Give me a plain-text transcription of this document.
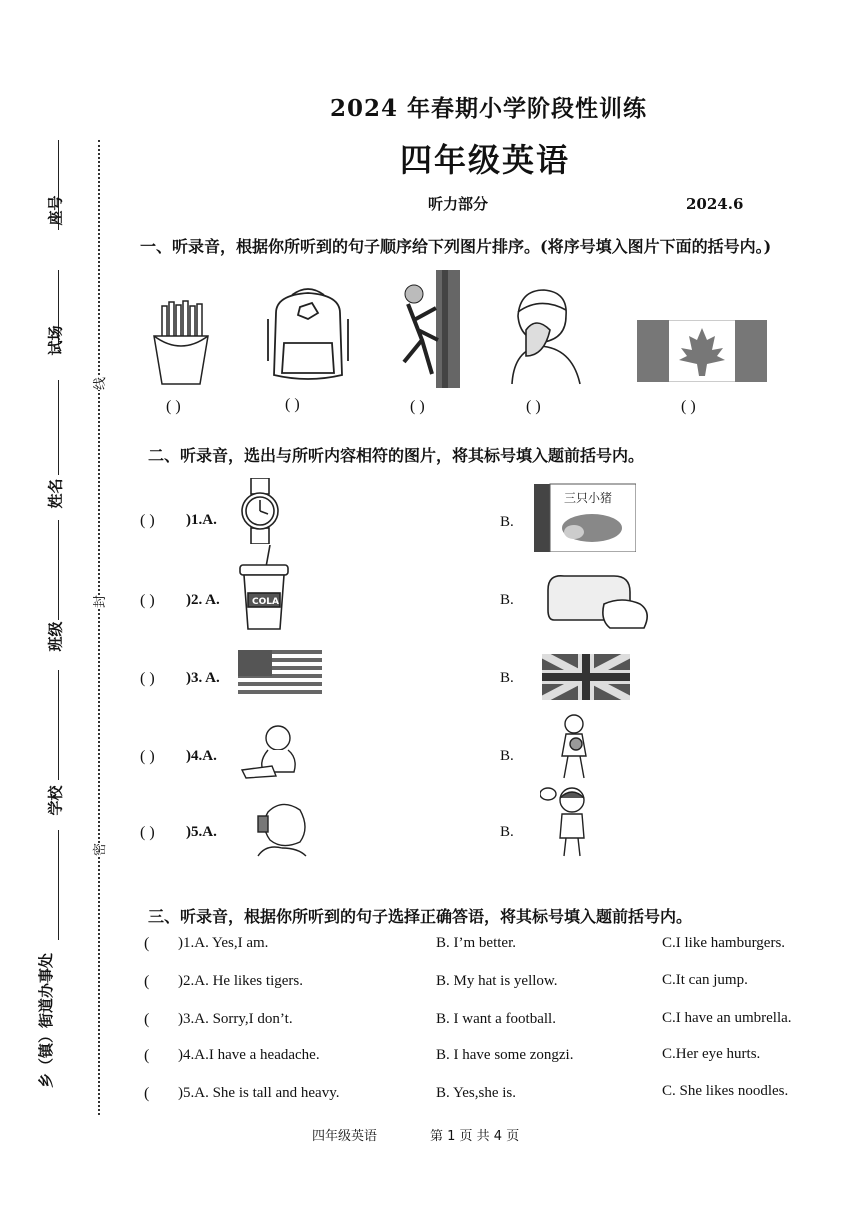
座号
试场
姓名
班级
学校
乡（镇）街道办事处
线
封
密
2024 年春期小学阶段性训练
四年级英语
听力部分	2024.6
一、听录音，根据你所听到的句子顺序给下列图片排序。(将序号填入图片下面的括号内。)
( )	( )	( )	( )	( )
二、听录音，选出与所听内容相符的图片，将其标号填入题前括号内。
( ) )1.A.	B.
三只小猪
( ) )2. A.	COLA	B.
( ) )3. A.	B.
( ) )4.A.	B.
( ) )5.A.	B.
三、听录音，根据你所听到的句子选择正确答语，将其标号填入题前括号内。
( )1.A. Yes,I am.	B. I’m better.	C.I like hamburgers.
( )2.A. He likes tigers.	B. My hat is yellow.	C.It can jump.
( )3.A. Sorry,I don’t.	B. I want a football.	C.I have an umbrella.
( )4.A.I have a headache.	B. I have some zongzi.	C.Her eye hurts.
( )5.A. She is tall and heavy.	B. Yes,she is.	C. She likes noodles.
四年级英语	第 1 页 共 4 页
